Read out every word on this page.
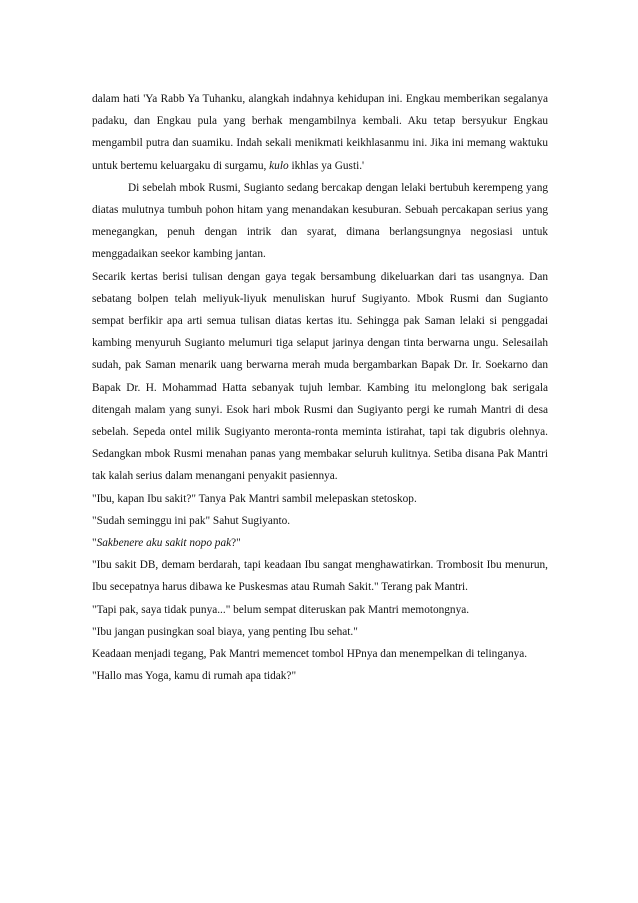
dalam hati 'Ya Rabb Ya Tuhanku, alangkah indahnya kehidupan ini. Engkau memberikan segalanya padaku, dan Engkau pula yang berhak mengambilnya kembali. Aku tetap bersyukur Engkau mengambil putra dan suamiku. Indah sekali menikmati keikhlasanmu ini. Jika ini memang waktuku untuk bertemu keluargaku di surgamu, kulo ikhlas ya Gusti.'

Di sebelah mbok Rusmi, Sugianto sedang bercakap dengan lelaki bertubuh kerempeng yang diatas mulutnya tumbuh pohon hitam yang menandakan kesuburan. Sebuah percakapan serius yang menegangkan, penuh dengan intrik dan syarat, dimana berlangsungnya negosiasi untuk menggadaikan seekor kambing jantan.

Secarik kertas berisi tulisan dengan gaya tegak bersambung dikeluarkan dari tas usangnya. Dan sebatang bolpen telah meliyuk-liyuk menuliskan huruf Sugiyanto. Mbok Rusmi dan Sugianto sempat berfikir apa arti semua tulisan diatas kertas itu. Sehingga pak Saman lelaki si penggadai kambing menyuruh Sugianto melumuri tiga selaput jarinya dengan tinta berwarna ungu. Selesailah sudah, pak Saman menarik uang berwarna merah muda bergambarkan Bapak Dr. Ir. Soekarno dan Bapak Dr. H. Mohammad Hatta sebanyak tujuh lembar. Kambing itu melonglong bak serigala ditengah malam yang sunyi. Esok hari mbok Rusmi dan Sugiyanto pergi ke rumah Mantri di desa sebelah. Sepeda ontel milik Sugiyanto meronta-ronta meminta istirahat, tapi tak digubris olehnya. Sedangkan mbok Rusmi menahan panas yang membakar seluruh kulitnya. Setiba disana Pak Mantri tak kalah serius dalam menangani penyakit pasiennya.

"Ibu, kapan Ibu sakit?" Tanya Pak Mantri sambil melepaskan stetoskop.

"Sudah seminggu ini pak" Sahut Sugiyanto.

"Sakbenere aku sakit nopo pak?"

"Ibu sakit DB, demam berdarah, tapi keadaan Ibu sangat menghawatirkan. Trombosit Ibu menurun, Ibu secepatnya harus dibawa ke Puskesmas atau Rumah Sakit." Terang pak Mantri.

"Tapi pak, saya tidak punya..." belum sempat diteruskan pak Mantri memotongnya.

"Ibu jangan pusingkan soal biaya, yang penting Ibu sehat."

Keadaan menjadi tegang, Pak Mantri memencet tombol HPnya dan menempelkan di telinganya.

"Hallo mas Yoga, kamu di rumah apa tidak?"
